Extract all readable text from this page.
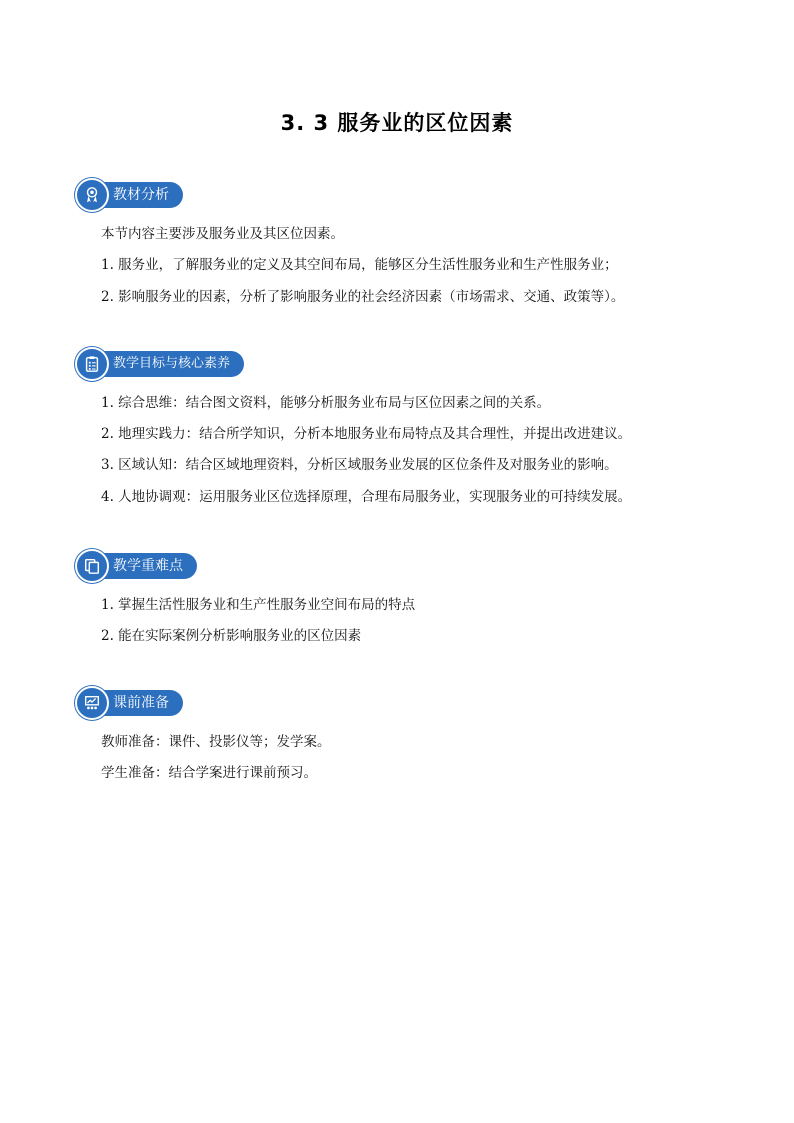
3. 3 服务业的区位因素
教材分析
本节内容主要涉及服务业及其区位因素。
1. 服务业，了解服务业的定义及其空间布局，能够区分生活性服务业和生产性服务业；
2. 影响服务业的因素，分析了影响服务业的社会经济因素（市场需求、交通、政策等）。
教学目标与核心素养
1. 综合思维：结合图文资料，能够分析服务业布局与区位因素之间的关系。
2. 地理实践力：结合所学知识，分析本地服务业布局特点及其合理性，并提出改进建议。
3. 区域认知：结合区域地理资料，分析区域服务业发展的区位条件及对服务业的影响。
4. 人地协调观：运用服务业区位选择原理，合理布局服务业，实现服务业的可持续发展。
教学重难点
1. 掌握生活性服务业和生产性服务业空间布局的特点
2. 能在实际案例分析影响服务业的区位因素
课前准备
教师准备：课件、投影仪等；发学案。
学生准备：结合学案进行课前预习。
